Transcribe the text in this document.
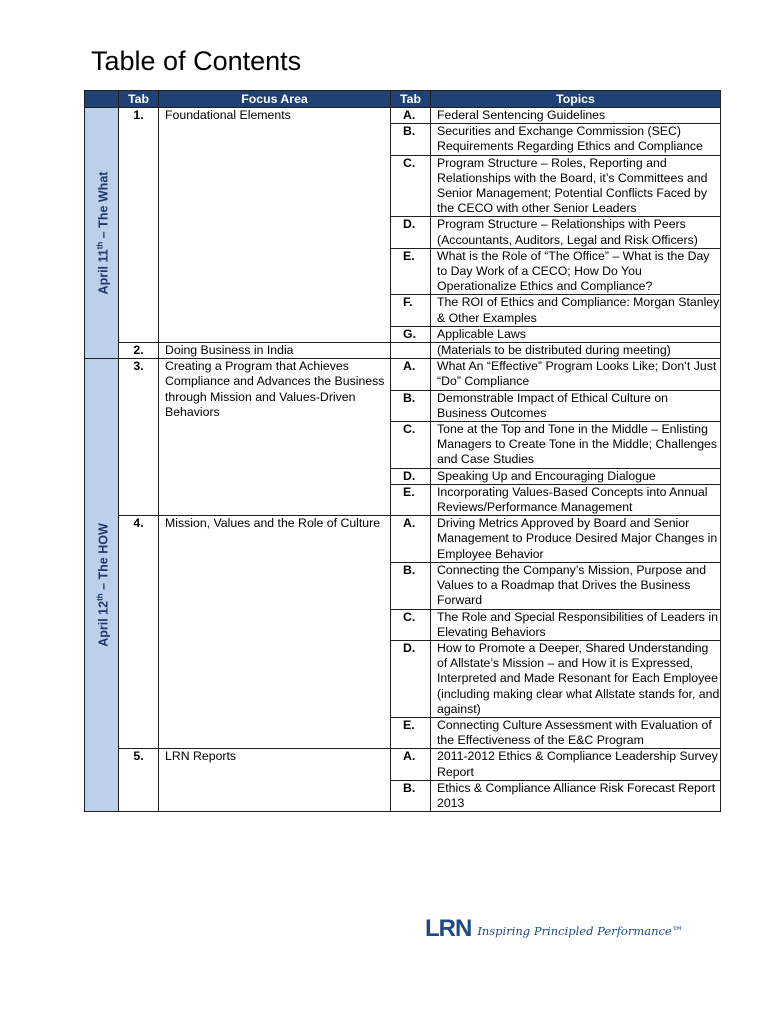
Table of Contents
	Tab	Focus Area	Tab	Topics

April 11th – The What	1.	Foundational Elements	A.	Federal Sentencing Guidelines
			B.	Securities and Exchange Commission (SEC) Requirements Regarding Ethics and Compliance
			C.	Program Structure – Roles, Reporting and Relationships with the Board, it’s Committees and Senior Management; Potential Conflicts Faced by the CECO with other Senior Leaders
			D.	Program Structure – Relationships with Peers (Accountants, Auditors, Legal and Risk Officers)
			E.	What is the Role of “The Office” – What is the Day to Day Work of a CECO; How Do You Operationalize Ethics and Compliance?
			F.	The ROI of Ethics and Compliance: Morgan Stanley & Other Examples
			G.	Applicable Laws
	2.	Doing Business in India		(Materials to be distributed during meeting)

April 12th – The HOW	3.	Creating a Program that Achieves Compliance and Advances the Business through Mission and Values-Driven Behaviors	A.	What An “Effective” Program Looks Like; Don’t Just “Do” Compliance
			B.	Demonstrable Impact of Ethical Culture on Business Outcomes
			C.	Tone at the Top and Tone in the Middle – Enlisting Managers to Create Tone in the Middle; Challenges and Case Studies
			D.	Speaking Up and Encouraging Dialogue
			E.	Incorporating Values-Based Concepts into Annual Reviews/Performance Management
	4.	Mission, Values and the Role of Culture	A.	Driving Metrics Approved by Board and Senior Management to Produce Desired Major Changes in Employee Behavior
			B.	Connecting the Company’s Mission, Purpose and Values to a Roadmap that Drives the Business Forward
			C.	The Role and Special Responsibilities of Leaders in Elevating Behaviors
			D.	How to Promote a Deeper, Shared Understanding of Allstate’s Mission – and How it is Expressed, Interpreted and Made Resonant for Each Employee (including making clear what Allstate stands for, and against)
			E.	Connecting Culture Assessment with Evaluation of the Effectiveness of the E&C Program
	5.	LRN Reports	A.	2011-2012 Ethics & Compliance Leadership Survey Report
			B.	Ethics & Compliance Alliance Risk Forecast Report 2013
LRN Inspiring Principled Performance™
